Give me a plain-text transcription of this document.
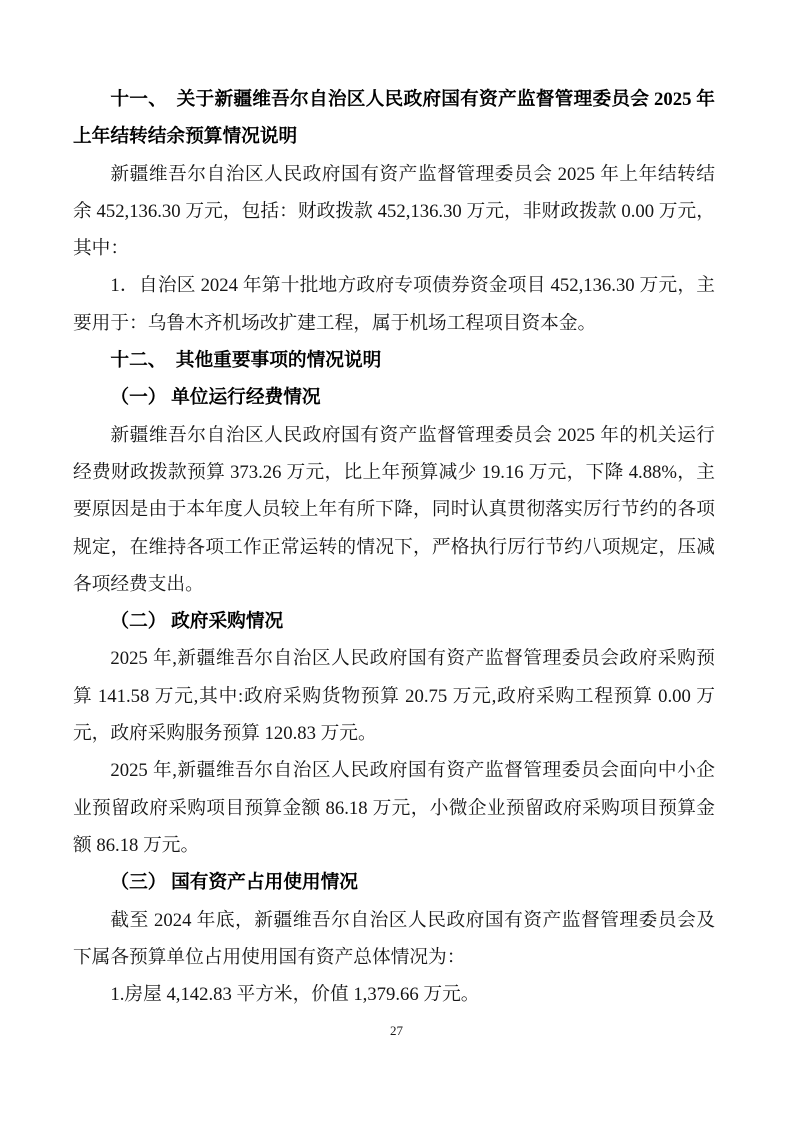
十一、　关于新疆维吾尔自治区人民政府国有资产监督管理委员会 2025 年上年结转结余预算情况说明

新疆维吾尔自治区人民政府国有资产监督管理委员会 2025 年上年结转结余 452,136.30 万元，包括：财政拨款 452,136.30 万元，非财政拨款 0.00 万元，其中：

1．自治区 2024 年第十批地方政府专项债券资金项目 452,136.30 万元，主要用于：乌鲁木齐机场改扩建工程，属于机场工程项目资本金。

十二、　其他重要事项的情况说明

（一） 单位运行经费情况

新疆维吾尔自治区人民政府国有资产监督管理委员会 2025 年的机关运行经费财政拨款预算 373.26 万元，比上年预算减少 19.16 万元，下降 4.88%，主要原因是由于本年度人员较上年有所下降，同时认真贯彻落实厉行节约的各项规定，在维持各项工作正常运转的情况下，严格执行厉行节约八项规定，压减各项经费支出。

（二） 政府采购情况

2025 年,新疆维吾尔自治区人民政府国有资产监督管理委员会政府采购预算 141.58 万元,其中:政府采购货物预算 20.75 万元,政府采购工程预算 0.00 万元，政府采购服务预算 120.83 万元。

2025 年,新疆维吾尔自治区人民政府国有资产监督管理委员会面向中小企业预留政府采购项目预算金额 86.18 万元，小微企业预留政府采购项目预算金额 86.18 万元。

（三） 国有资产占用使用情况

截至 2024 年底，新疆维吾尔自治区人民政府国有资产监督管理委员会及下属各预算单位占用使用国有资产总体情况为：

1.房屋 4,142.83 平方米，价值 1,379.66 万元。

27
